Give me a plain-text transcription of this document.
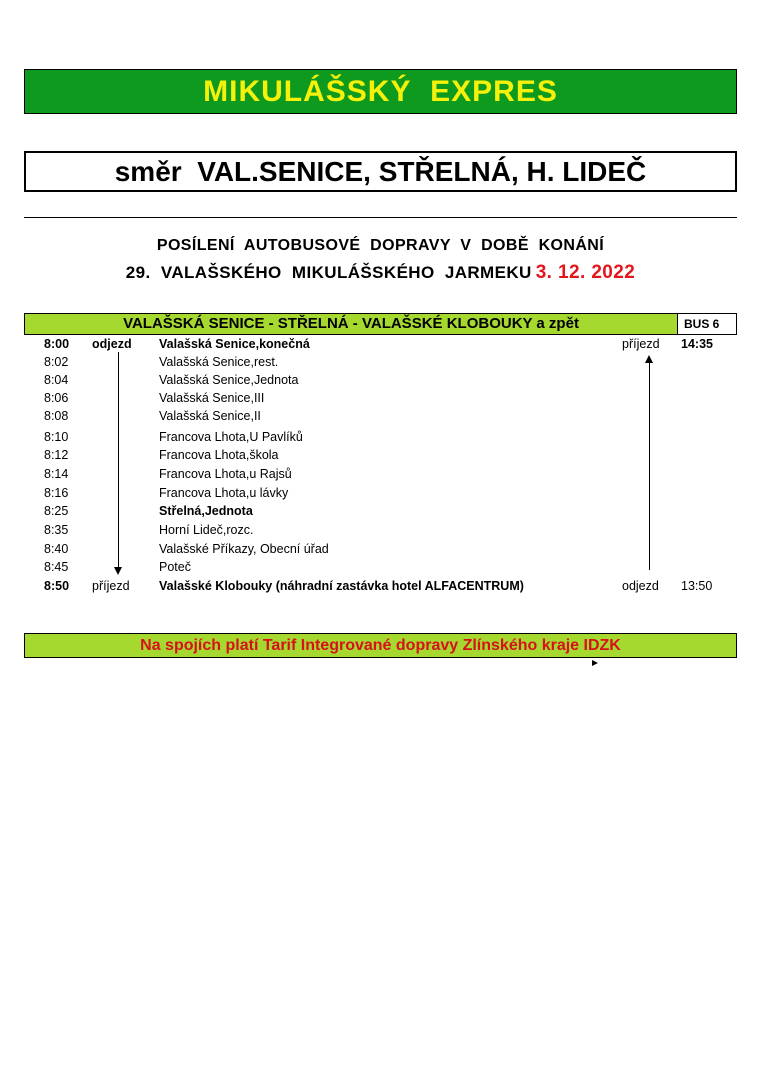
MIKULÁŠSKÝ  EXPRES
směr  VAL.SENICE, STŘELNÁ, H. LIDEČ
POSÍLENÍ  AUTOBUSOVÉ  DOPRAVY  V  DOBĚ  KONÁNÍ
29.  VALAŠSKÉHO  MIKULÁŠSKÉHO  JARMEKU 3. 12. 2022
VALAŠSKÁ SENICE - STŘELNÁ - VALAŠSKÉ KLOBOUKY a zpět	BUS 6
8:00 odjezd Valašská Senice,konečná	příjezd 14:35
8:02	Valašská Senice,rest.
8:04	Valašská Senice,Jednota
8:06	Valašská Senice,III
8:08	Valašská Senice,II
8:10	Francova Lhota,U Pavlíků
8:12	Francova Lhota,škola
8:14	Francova Lhota,u Rajsů
8:16	Francova Lhota,u lávky
8:25	Střelná,Jednota
8:35	Horní Lideč,rozc.
8:40	Valašské Příkazy, Obecní úřad
8:45	Poteč
8:50 příjezd Valašské Klobouky (náhradní zastávka hotel ALFACENTRUM)	odjezd 13:50
Na spojích platí Tarif Integrované dopravy Zlínského kraje IDZK
